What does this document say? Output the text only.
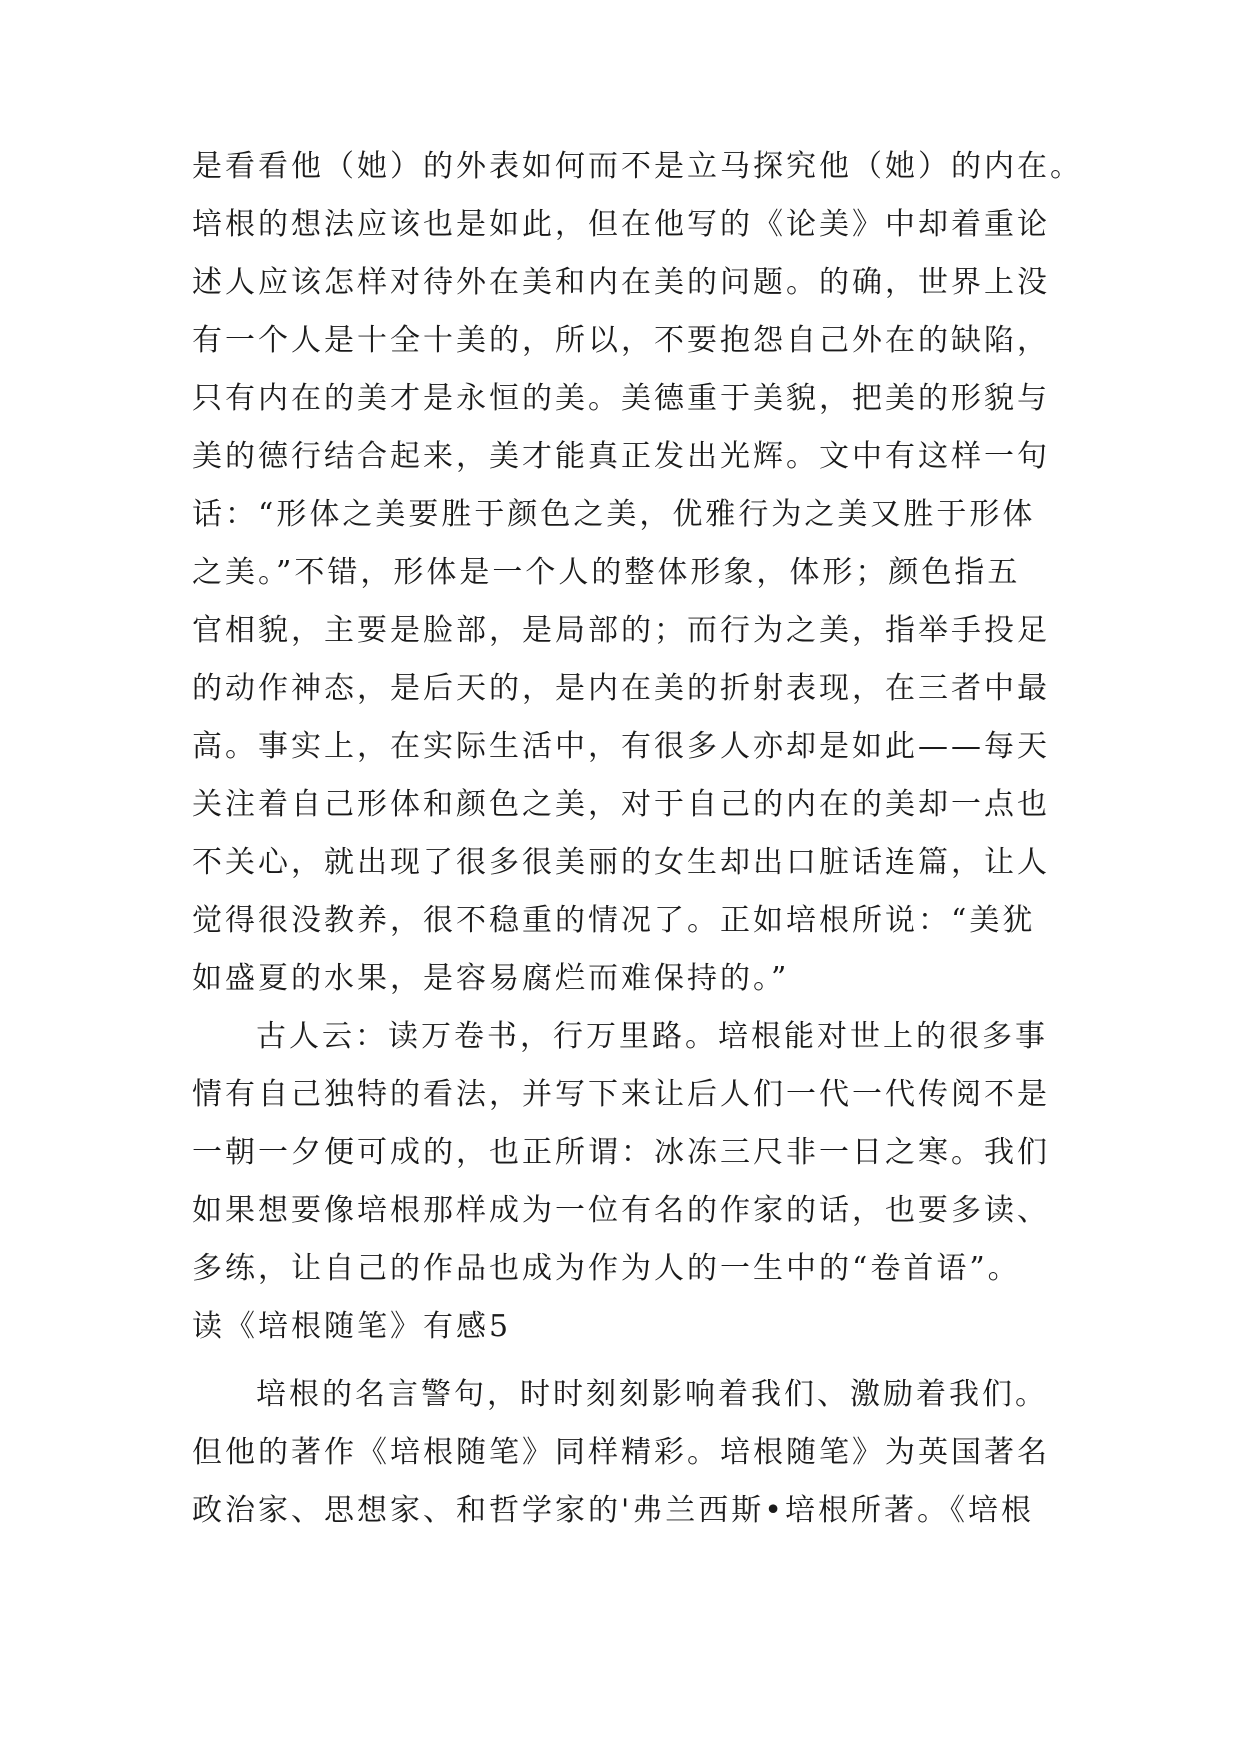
是看看他（她）的外表如何而不是立马探究他（她）的内在。
培根的想法应该也是如此，但在他写的《论美》中却着重论
述人应该怎样对待外在美和内在美的问题。的确，世界上没
有一个人是十全十美的，所以，不要抱怨自己外在的缺陷，
只有内在的美才是永恒的美。美德重于美貌，把美的形貌与
美的德行结合起来，美才能真正发出光辉。文中有这样一句
话：“形体之美要胜于颜色之美，优雅行为之美又胜于形体
之美。”不错，形体是一个人的整体形象，体形；颜色指五
官相貌，主要是脸部，是局部的；而行为之美，指举手投足
的动作神态，是后天的，是内在美的折射表现，在三者中最
高。事实上，在实际生活中，有很多人亦却是如此——每天
关注着自己形体和颜色之美，对于自己的内在的美却一点也
不关心，就出现了很多很美丽的女生却出口脏话连篇，让人
觉得很没教养，很不稳重的情况了。正如培根所说：“美犹
如盛夏的水果，是容易腐烂而难保持的。”
古人云：读万卷书，行万里路。培根能对世上的很多事
情有自己独特的看法，并写下来让后人们一代一代传阅不是
一朝一夕便可成的，也正所谓：冰冻三尺非一日之寒。我们
如果想要像培根那样成为一位有名的作家的话，也要多读、
多练，让自己的作品也成为作为人的一生中的“卷首语”。
读《培根随笔》有感5
培根的名言警句，时时刻刻影响着我们、激励着我们。
但他的著作《培根随笔》同样精彩。培根随笔》为英国著名
政治家、思想家、和哲学家的'弗兰西斯•培根所著。《培根
